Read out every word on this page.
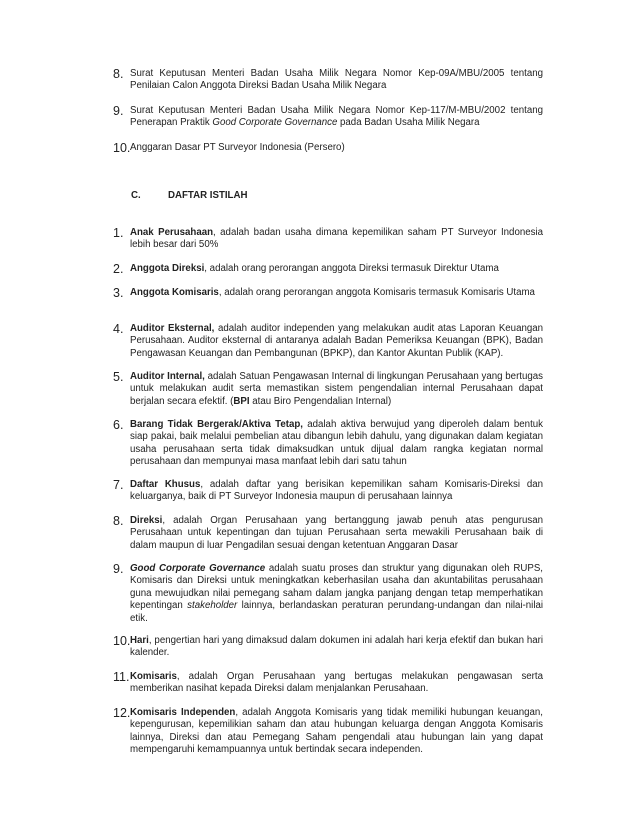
8. Surat Keputusan Menteri Badan Usaha Milik Negara Nomor Kep-09A/MBU/2005 tentang Penilaian Calon Anggota Direksi Badan Usaha Milik Negara
9. Surat Keputusan Menteri Badan Usaha Milik Negara Nomor Kep-117/M-MBU/2002 tentang Penerapan Praktik Good Corporate Governance pada Badan Usaha Milik Negara
10. Anggaran Dasar PT Surveyor Indonesia (Persero)
C.	DAFTAR ISTILAH
1. Anak Perusahaan, adalah badan usaha dimana kepemilikan saham PT Surveyor Indonesia lebih besar dari 50%
2. Anggota Direksi, adalah orang perorangan anggota Direksi termasuk Direktur Utama
3. Anggota Komisaris, adalah orang perorangan anggota Komisaris termasuk Komisaris Utama
4. Auditor Eksternal, adalah auditor independen yang melakukan audit atas Laporan Keuangan Perusahaan. Auditor eksternal di antaranya adalah Badan Pemeriksa Keuangan (BPK), Badan Pengawasan Keuangan dan Pembangunan (BPKP), dan Kantor Akuntan Publik (KAP).
5. Auditor Internal, adalah Satuan Pengawasan Internal di lingkungan Perusahaan yang bertugas untuk melakukan audit serta memastikan sistem pengendalian internal Perusahaan dapat berjalan secara efektif. (BPI atau Biro Pengendalian Internal)
6. Barang Tidak Bergerak/Aktiva Tetap, adalah aktiva berwujud yang diperoleh dalam bentuk siap pakai, baik melalui pembelian atau dibangun lebih dahulu, yang digunakan dalam kegiatan usaha perusahaan serta tidak dimaksudkan untuk dijual dalam rangka kegiatan normal perusahaan dan mempunyai masa manfaat lebih dari satu tahun
7. Daftar Khusus, adalah daftar yang berisikan kepemilikan saham Komisaris-Direksi dan keluarganya, baik di PT Surveyor Indonesia maupun di perusahaan lainnya
8. Direksi, adalah Organ Perusahaan yang bertanggung jawab penuh atas pengurusan Perusahaan untuk kepentingan dan tujuan Perusahaan serta mewakili Perusahaan baik di dalam maupun di luar Pengadilan sesuai dengan ketentuan Anggaran Dasar
9. Good Corporate Governance adalah suatu proses dan struktur yang digunakan oleh RUPS, Komisaris dan Direksi untuk meningkatkan keberhasilan usaha dan akuntabilitas perusahaan guna mewujudkan nilai pemegang saham dalam jangka panjang dengan tetap memperhatikan kepentingan stakeholder lainnya, berlandaskan peraturan perundang-undangan dan nilai-nilai etik.
10. Hari, pengertian hari yang dimaksud dalam dokumen ini adalah hari kerja efektif dan bukan hari kalender.
11. Komisaris, adalah Organ Perusahaan yang bertugas melakukan pengawasan serta memberikan nasihat kepada Direksi dalam menjalankan Perusahaan.
12. Komisaris Independen, adalah Anggota Komisaris yang tidak memiliki hubungan keuangan, kepengurusan, kepemilikian saham dan atau hubungan keluarga dengan Anggota Komisaris lainnya, Direksi dan atau Pemegang Saham pengendali atau hubungan lain yang dapat mempengaruhi kemampuannya untuk bertindak secara independen.
